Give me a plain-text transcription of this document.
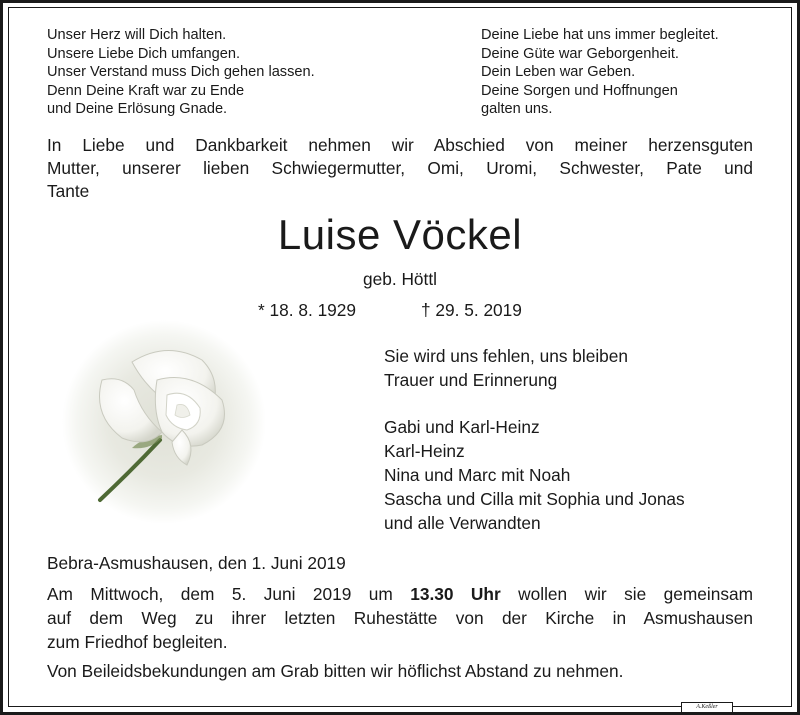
Unser Herz will Dich halten.
Unsere Liebe Dich umfangen.
Unser Verstand muss Dich gehen lassen.
Denn Deine Kraft war zu Ende
und Deine Erlösung Gnade.
Deine Liebe hat uns immer begleitet.
Deine Güte war Geborgenheit.
Dein Leben war Geben.
Deine Sorgen und Hoffnungen
galten uns.
In Liebe und Dankbarkeit nehmen wir Abschied von meiner herzensguten
Mutter, unserer lieben Schwiegermutter, Omi, Uromi, Schwester, Pate und
Tante
Luise Vöckel
geb. Höttl
* 18. 8. 1929	† 29. 5. 2019
Sie wird uns fehlen, uns bleiben
Trauer und Erinnerung
Gabi und Karl-Heinz
Karl-Heinz
Nina und Marc mit Noah
Sascha und Cilla mit Sophia und Jonas
und alle Verwandten
Bebra-Asmushausen, den 1. Juni 2019
Am Mittwoch, dem 5. Juni 2019 um 13.30 Uhr wollen wir sie gemeinsam
auf dem Weg zu ihrer letzten Ruhestätte von der Kirche in Asmushausen
zum Friedhof begleiten.
Von Beileidsbekundungen am Grab bitten wir höflichst Abstand zu nehmen.
A.Keßler
